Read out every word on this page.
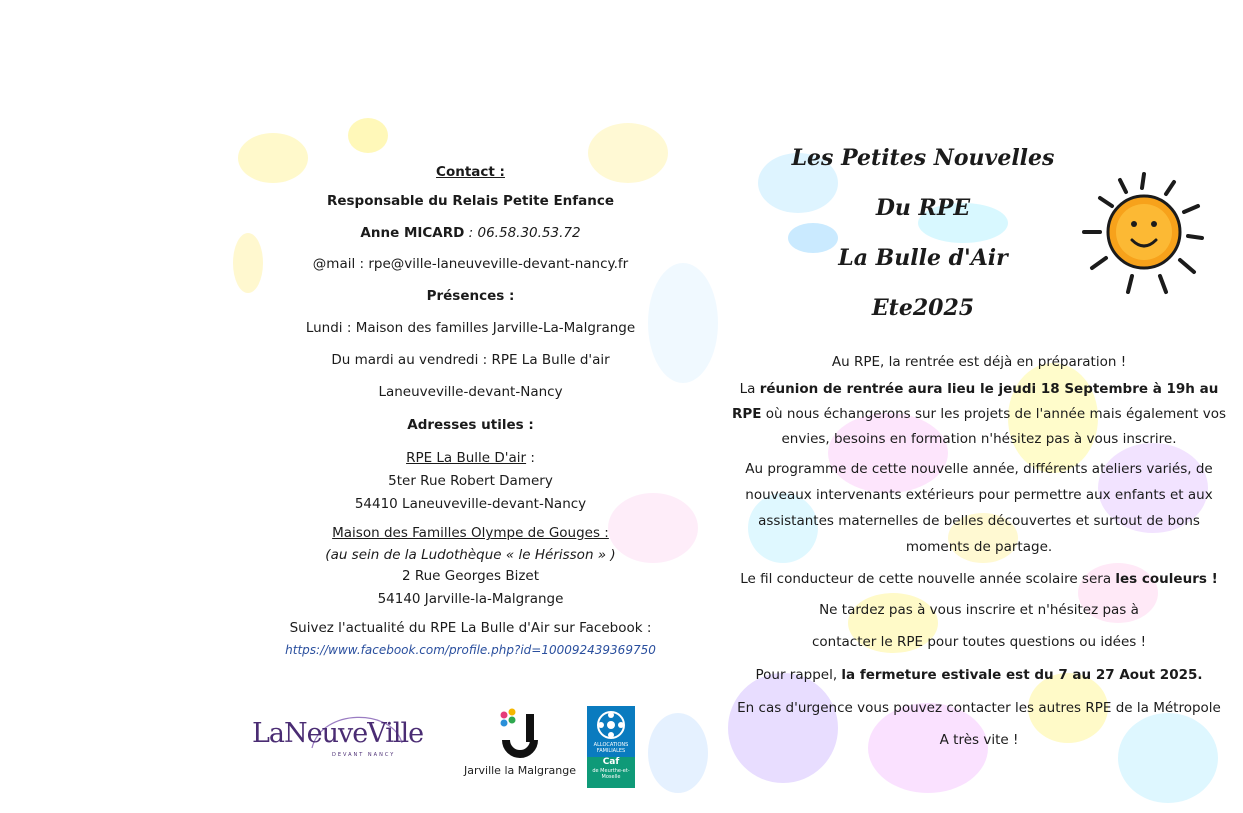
Contact :

Responsable du Relais Petite Enfance

Anne MICARD : 06.58.30.53.72

@mail : rpe@ville-laneuveville-devant-nancy.fr

Présences :

Lundi : Maison des familles Jarville-La-Malgrange

Du mardi au vendredi : RPE La Bulle d'air

Laneuveville-devant-Nancy

Adresses utiles :

RPE La Bulle D'air :

5ter Rue Robert Damery

54410 Laneuveville-devant-Nancy

Maison des Familles Olympe de Gouges :

(au sein de la Ludothèque « le Hérisson » )

2 Rue Georges Bizet

54140 Jarville-la-Malgrange

Suivez l'actualité du RPE La Bulle d'Air sur Facebook :

https://www.facebook.com/profile.php?id=100092439369750

LaNeuveVille
DEVANT NANCY
Jarville la Malgrange
ALLOCATIONS FAMILIALES
Caf
de Meurthe-et-Moselle

Les Petites Nouvelles

Du RPE

La Bulle d'Air

Ete2025

Au RPE, la rentrée est déjà en préparation !

La réunion de rentrée aura lieu le jeudi 18 Septembre à 19h au RPE où nous échangerons sur les projets de l'année mais également vos envies, besoins en formation n'hésitez pas à vous inscrire.

Au programme de cette nouvelle année, différents ateliers variés, de nouveaux intervenants extérieurs pour permettre aux enfants et aux assistantes maternelles de belles découvertes et surtout de bons moments de partage.

Le fil conducteur de cette nouvelle année scolaire sera les couleurs !

Ne tardez pas à vous inscrire et n'hésitez pas à

contacter le RPE pour toutes questions ou idées !

Pour rappel, la fermeture estivale est du 7 au 27 Aout 2025.

En cas d'urgence vous pouvez contacter les autres RPE de la Métropole

A très vite !
